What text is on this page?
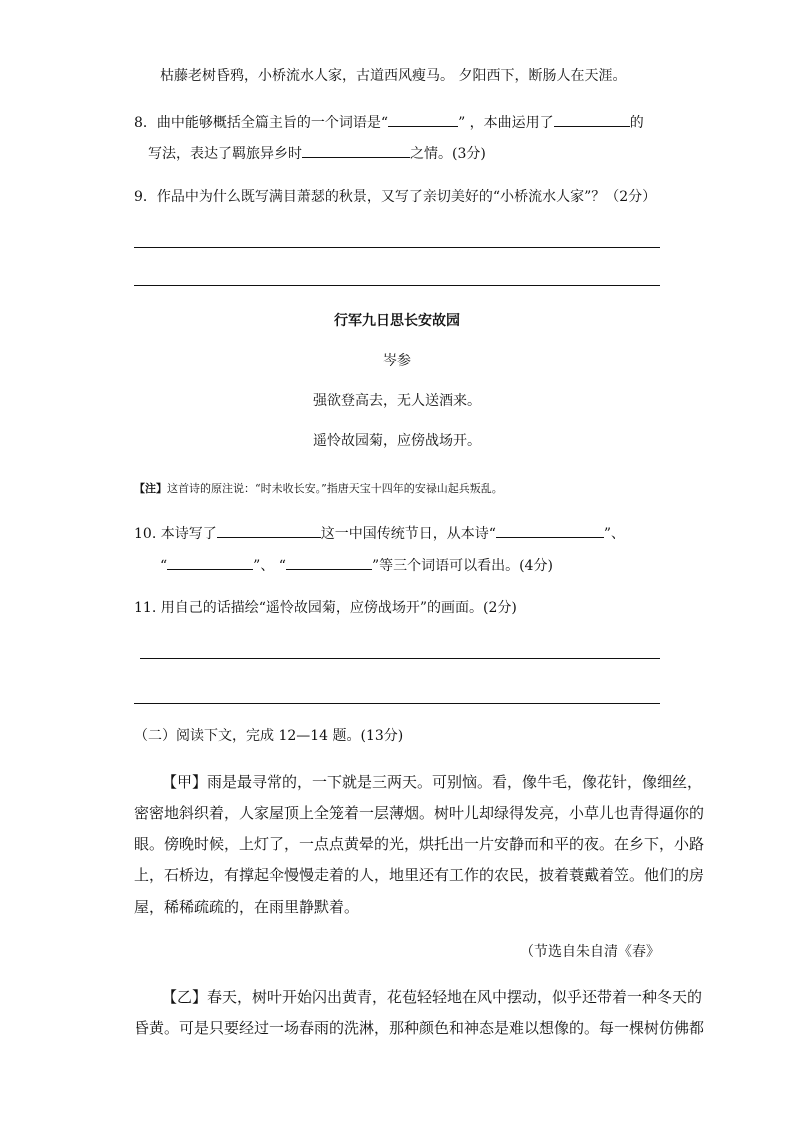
枯藤老树昏鸦，小桥流水人家，古道西风瘦马。 夕阳西下，断肠人在天涯。
8．曲中能够概括全篇主旨的一个词语是“	” ，本曲运用了	的
写法，表达了羁旅异乡时	之情。(3分)
9．作品中为什么既写满目萧瑟的秋景，又写了亲切美好的“小桥流水人家”？（2分）
行军九日思长安故园
岑参
强欲登高去，无人送酒来。
遥怜故园菊，应傍战场开。
【注】这首诗的原注说：“时未收长安。”指唐天宝十四年的安禄山起兵叛乱。
10. 本诗写了	这一中国传统节日，从本诗“	”、
“	”、 “	”等三个词语可以看出。(4分)
11. 用自己的话描绘“遥怜故园菊，应傍战场开”的画面。(2分)
（二）阅读下文，完成 12—14 题。(13分)
【甲】雨是最寻常的，一下就是三两天。可别恼。看，像牛毛，像花针，像细丝，
密密地斜织着，人家屋顶上全笼着一层薄烟。树叶儿却绿得发亮，小草儿也青得逼你的
眼。傍晚时候，上灯了，一点点黄晕的光，烘托出一片安静而和平的夜。在乡下，小路
上，石桥边，有撑起伞慢慢走着的人，地里还有工作的农民，披着蓑戴着笠。他们的房
屋，稀稀疏疏的，在雨里静默着。
（节选自朱自清《春》
【乙】春天，树叶开始闪出黄青，花苞轻轻地在风中摆动，似乎还带着一种冬天的
昏黄。可是只要经过一场春雨的洗淋，那种颜色和神态是难以想像的。每一棵树仿佛都
